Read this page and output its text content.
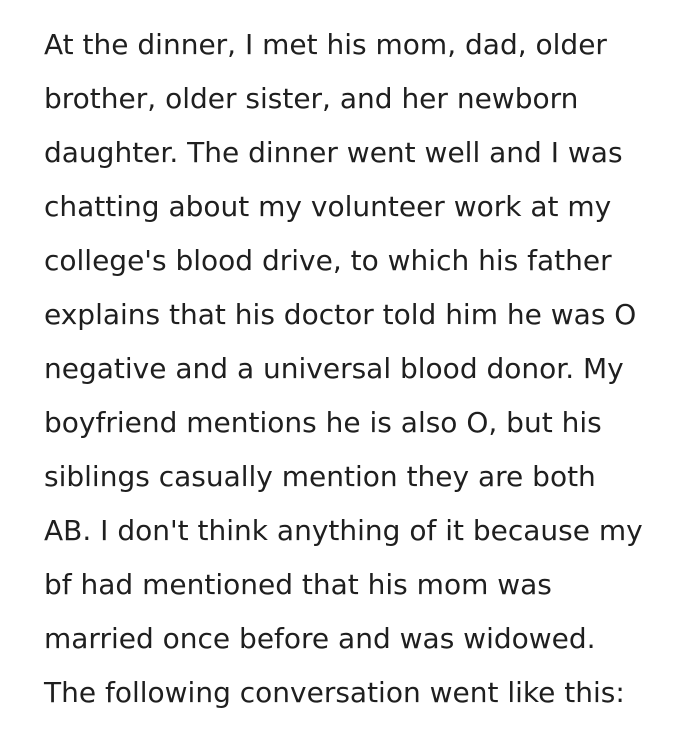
At the dinner, I met his mom, dad, older
brother, older sister, and her newborn
daughter. The dinner went well and I was
chatting about my volunteer work at my
college's blood drive, to which his father
explains that his doctor told him he was O
negative and a universal blood donor. My
boyfriend mentions he is also O, but his
siblings casually mention they are both
AB. I don't think anything of it because my
bf had mentioned that his mom was
married once before and was widowed.
The following conversation went like this:
